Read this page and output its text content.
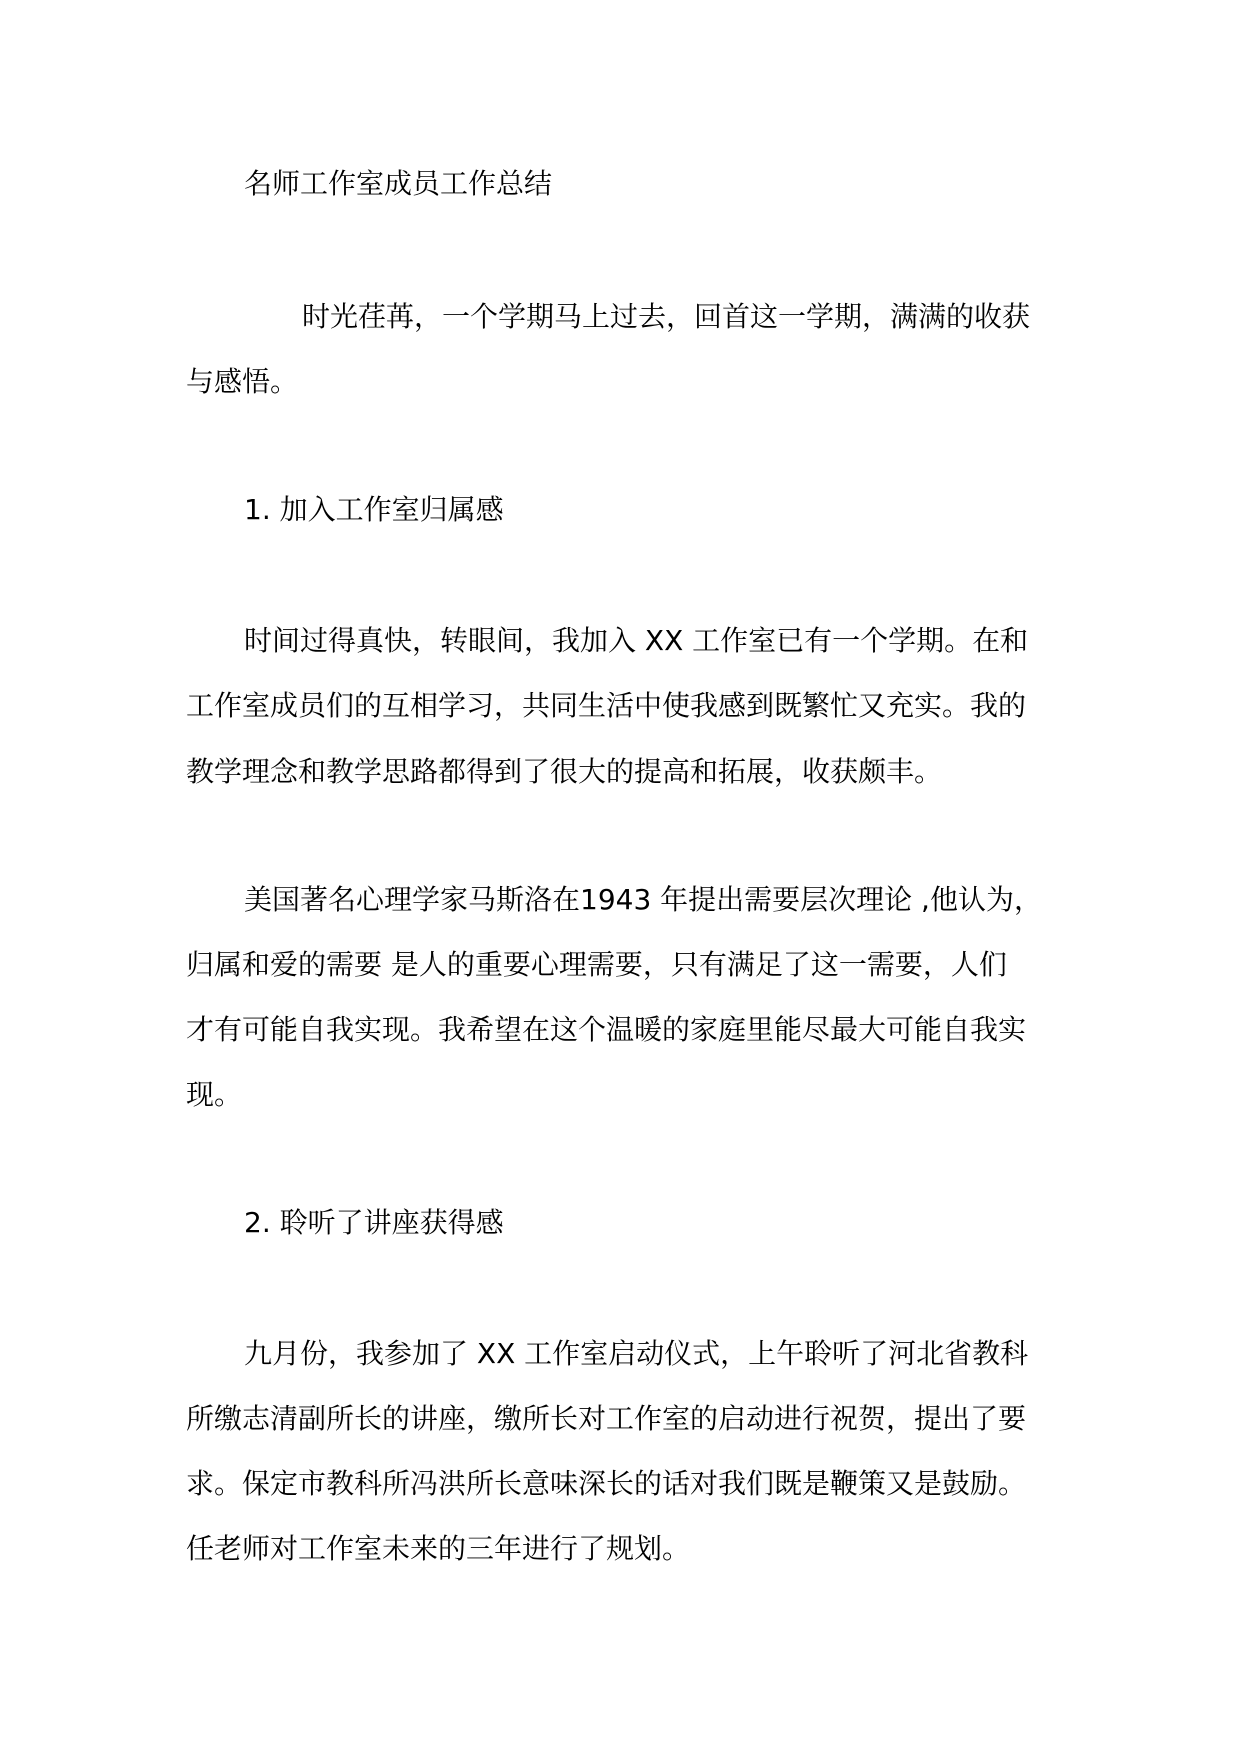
名师工作室成员工作总结

时光荏苒，一个学期马上过去，回首这一学期，满满的收获

与感悟。

1. 加入工作室归属感

时间过得真快，转眼间，我加入 XX 工作室已有一个学期。在和

工作室成员们的互相学习，共同生活中使我感到既繁忙又充实。我的

教学理念和教学思路都得到了很大的提高和拓展，收获颇丰。

美国著名心理学家马斯洛在1943 年提出需要层次理论 ,他认为，

归属和爱的需要 是人的重要心理需要，只有满足了这一需要，人们

才有可能自我实现。我希望在这个温暖的家庭里能尽最大可能自我实

现。

2. 聆听了讲座获得感

九月份，我参加了 XX 工作室启动仪式，上午聆听了河北省教科

所缴志清副所长的讲座，缴所长对工作室的启动进行祝贺，提出了要

求。保定市教科所冯洪所长意味深长的话对我们既是鞭策又是鼓励。

任老师对工作室未来的三年进行了规划。
